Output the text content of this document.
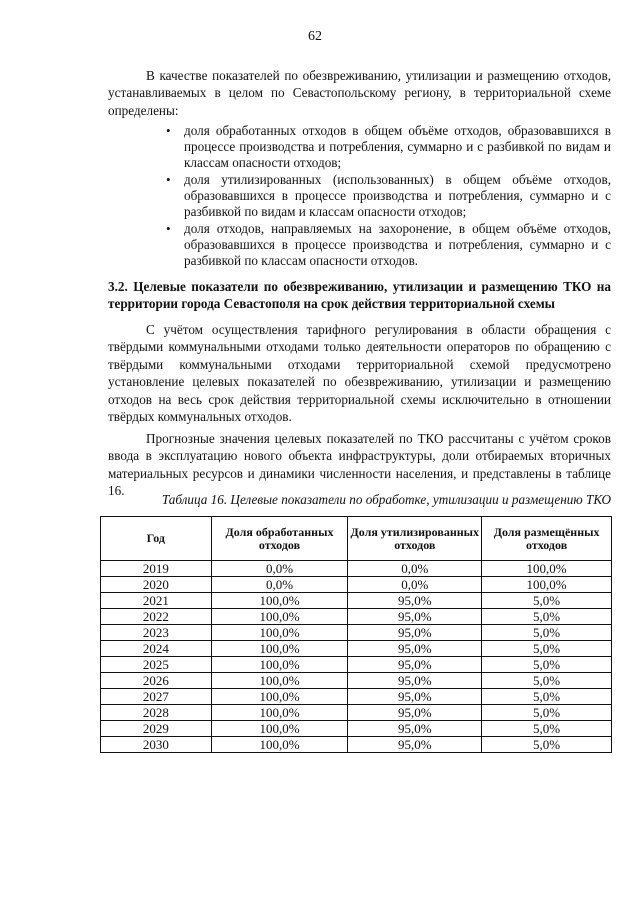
62

В качестве показателей по обезвреживанию, утилизации и размещению отходов, устанавливаемых в целом по Севастопольскому региону, в территориальной схеме определены:

• доля обработанных отходов в общем объёме отходов, образовавшихся в процессе производства и потребления, суммарно и с разбивкой по видам и классам опасности отходов;
• доля утилизированных (использованных) в общем объёме отходов, образовавшихся в процессе производства и потребления, суммарно и с разбивкой по видам и классам опасности отходов;
• доля отходов, направляемых на захоронение, в общем объёме отходов, образовавшихся в процессе производства и потребления, суммарно и с разбивкой по классам опасности отходов.

3.2. Целевые показатели по обезвреживанию, утилизации и размещению ТКО на территории города Севастополя на срок действия территориальной схемы

С учётом осуществления тарифного регулирования в области обращения с твёрдыми коммунальными отходами только деятельности операторов по обращению с твёрдыми коммунальными отходами территориальной схемой предусмотрено установление целевых показателей по обезвреживанию, утилизации и размещению отходов на весь срок действия территориальной схемы исключительно в отношении твёрдых коммунальных отходов.

Прогнозные значения целевых показателей по ТКО рассчитаны с учётом сроков ввода в эксплуатацию нового объекта инфраструктуры, доли отбираемых вторичных материальных ресурсов и динамики численности населения, и представлены в таблице 16.

Таблица 16. Целевые показатели по обработке, утилизации и размещению ТКО
Год	Доля обработанных отходов	Доля утилизированных отходов	Доля размещённых отходов
2019	0,0%	0,0%	100,0%
2020	0,0%	0,0%	100,0%
2021	100,0%	95,0%	5,0%
2022	100,0%	95,0%	5,0%
2023	100,0%	95,0%	5,0%
2024	100,0%	95,0%	5,0%
2025	100,0%	95,0%	5,0%
2026	100,0%	95,0%	5,0%
2027	100,0%	95,0%	5,0%
2028	100,0%	95,0%	5,0%
2029	100,0%	95,0%	5,0%
2030	100,0%	95,0%	5,0%
